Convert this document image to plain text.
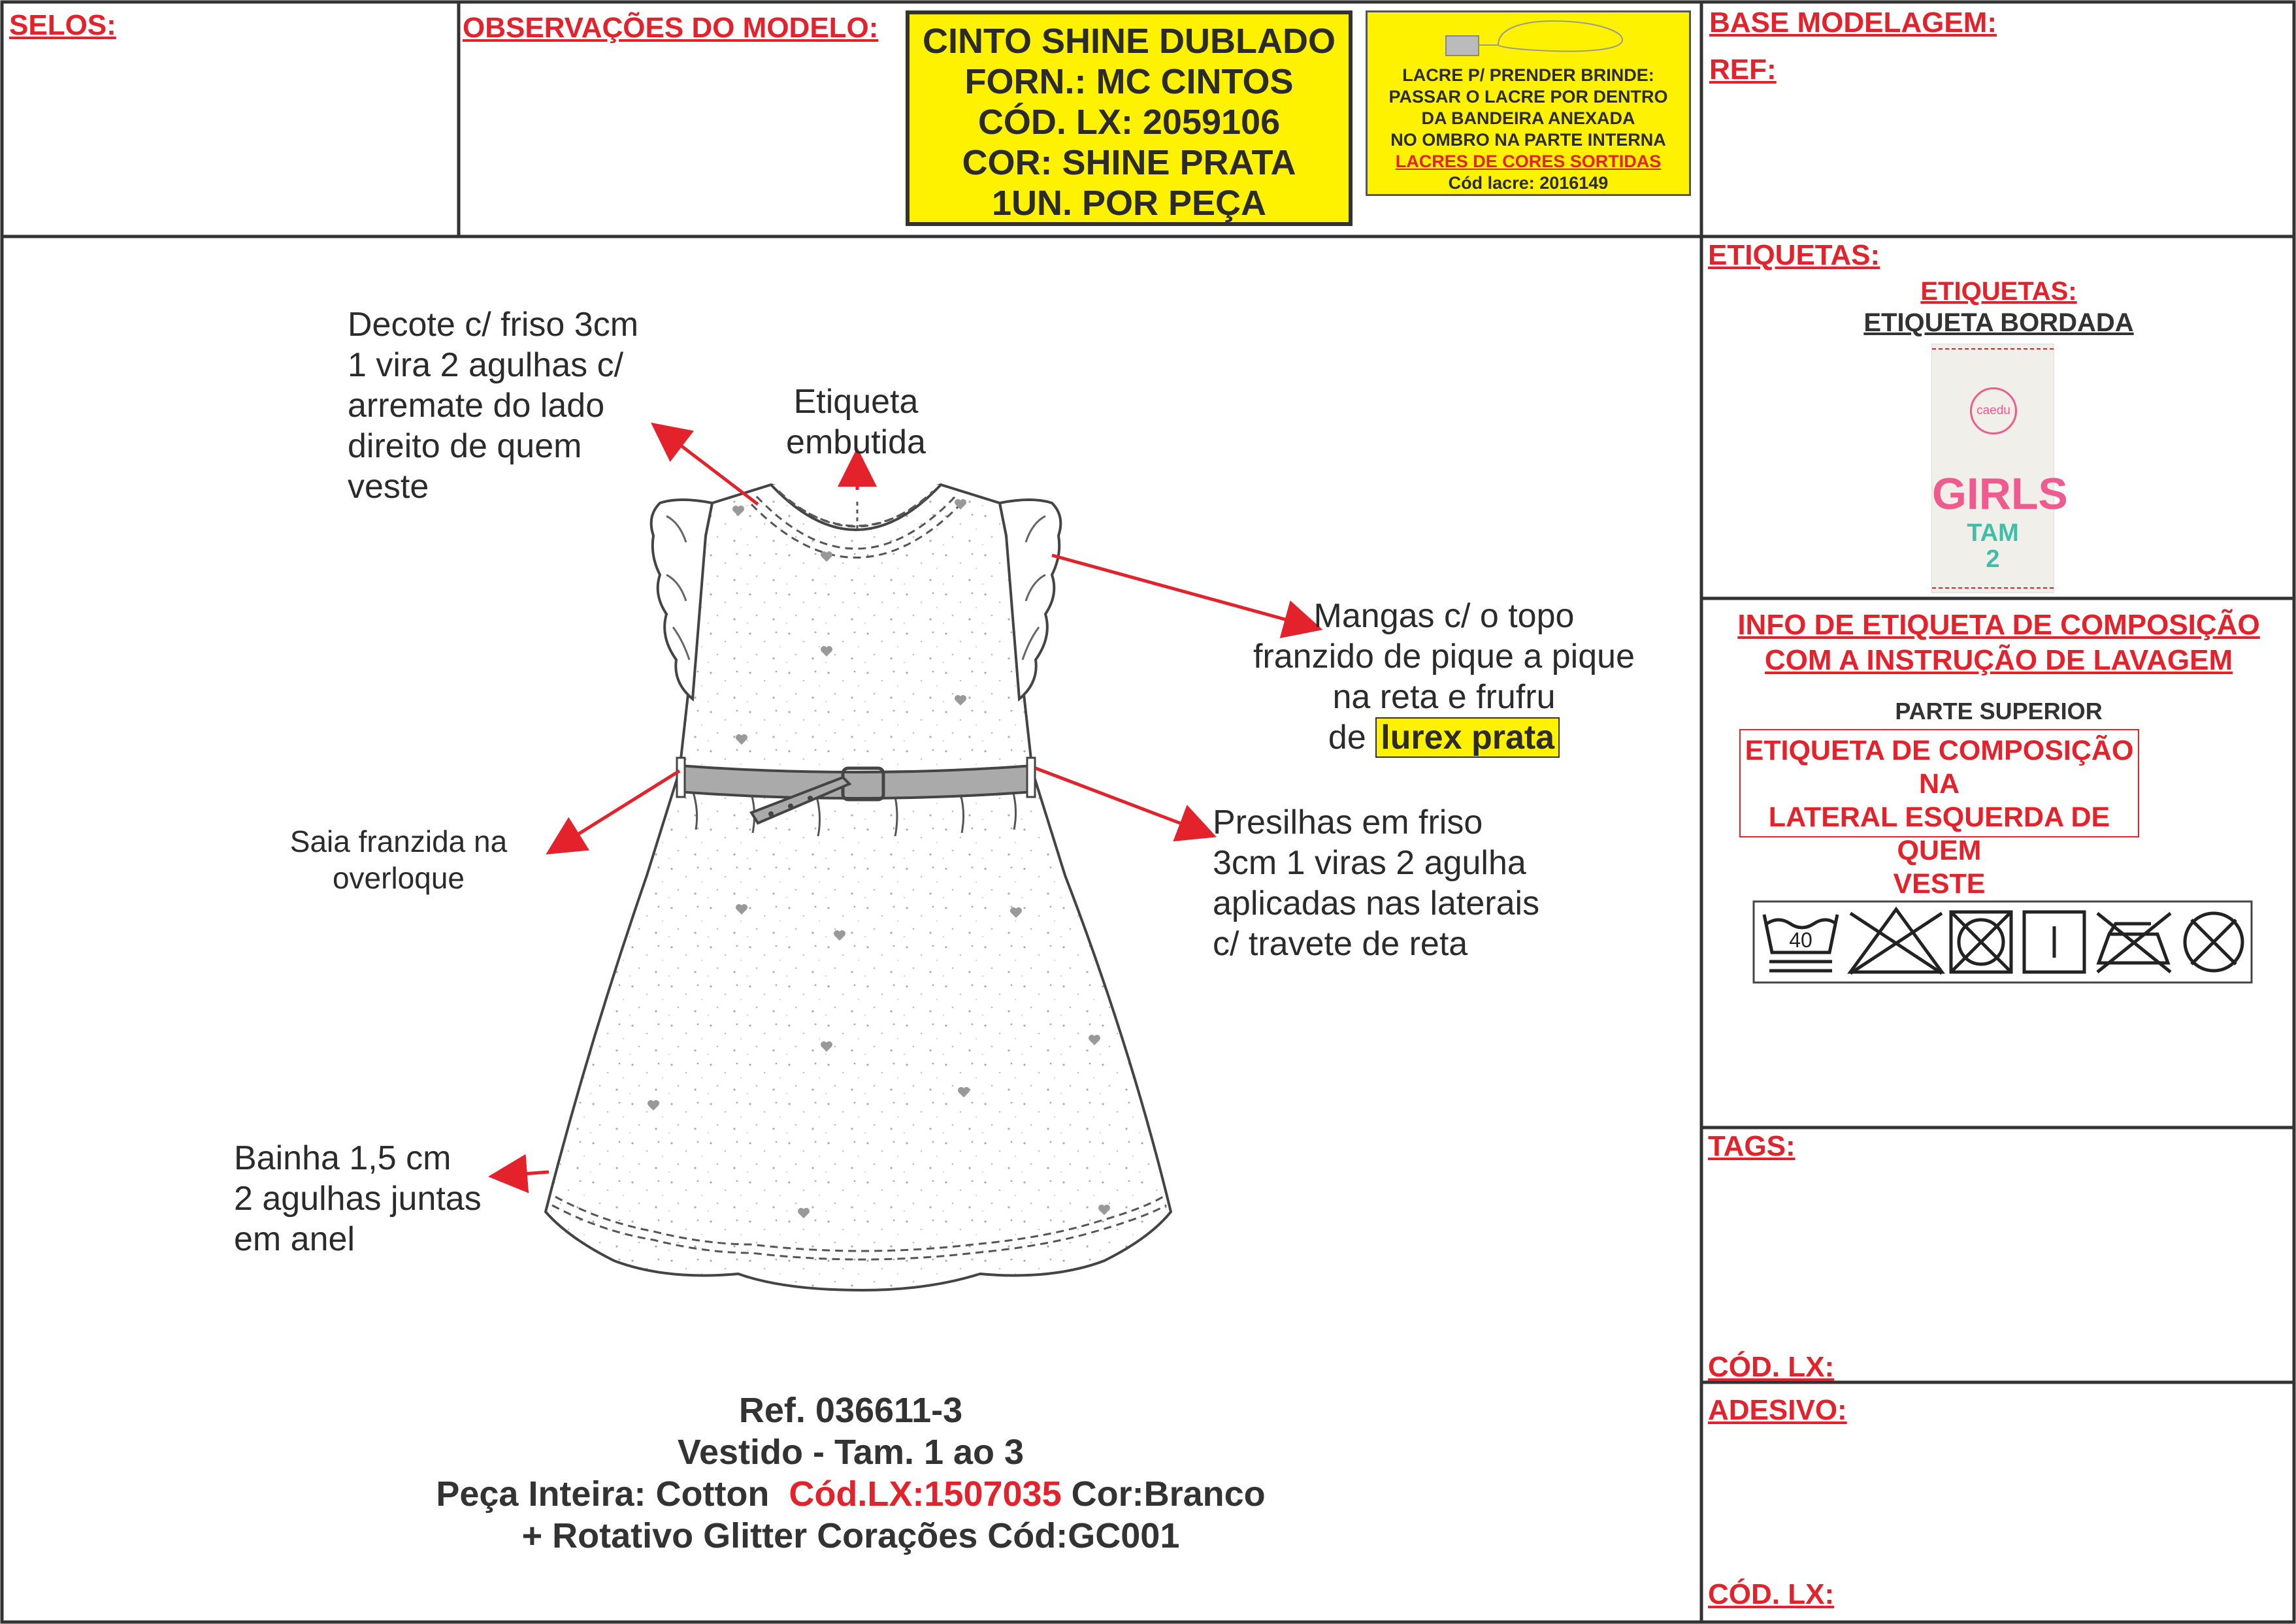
SELOS:	OBSERVAÇÕES DO MODELO:	BASE MODELAGEM:
REF:
CINTO SHINE DUBLADO
FORN.: MC CINTOS
CÓD. LX: 2059106
COR: SHINE PRATA
1UN. POR PEÇA
LACRE P/ PRENDER BRINDE:
PASSAR O LACRE POR DENTRO
DA BANDEIRA ANEXADA
NO OMBRO NA PARTE INTERNA
LACRES DE CORES SORTIDAS
Cód lacre: 2016149
Decote c/ friso 3cm
1 vira 2 agulhas c/
arremate do lado
direito de quem
veste
Etiqueta
embutida
Mangas c/ o topo
franzido de pique a pique
na reta e frufru
de lurex prata
Saia franzida na
overloque
Presilhas em friso
3cm 1 viras 2 agulha
aplicadas nas laterais
c/ travete de reta
Bainha 1,5 cm
2 agulhas juntas
em anel
Ref. 036611-3
Vestido - Tam. 1 ao 3
Peça Inteira: Cotton Cód.LX:1507035 Cor:Branco
+ Rotativo Glitter Corações Cód:GC001
ETIQUETAS:
ETIQUETAS:
ETIQUETA BORDADA
caedu
GIRLS
TAM
2
INFO DE ETIQUETA DE COMPOSIÇÃO
COM A INSTRUÇÃO DE LAVAGEM
PARTE SUPERIOR
ETIQUETA DE COMPOSIÇÃO NA
LATERAL ESQUERDA DE QUEM
VESTE
40
TAGS:
CÓD. LX:
ADESIVO:
CÓD. LX:
